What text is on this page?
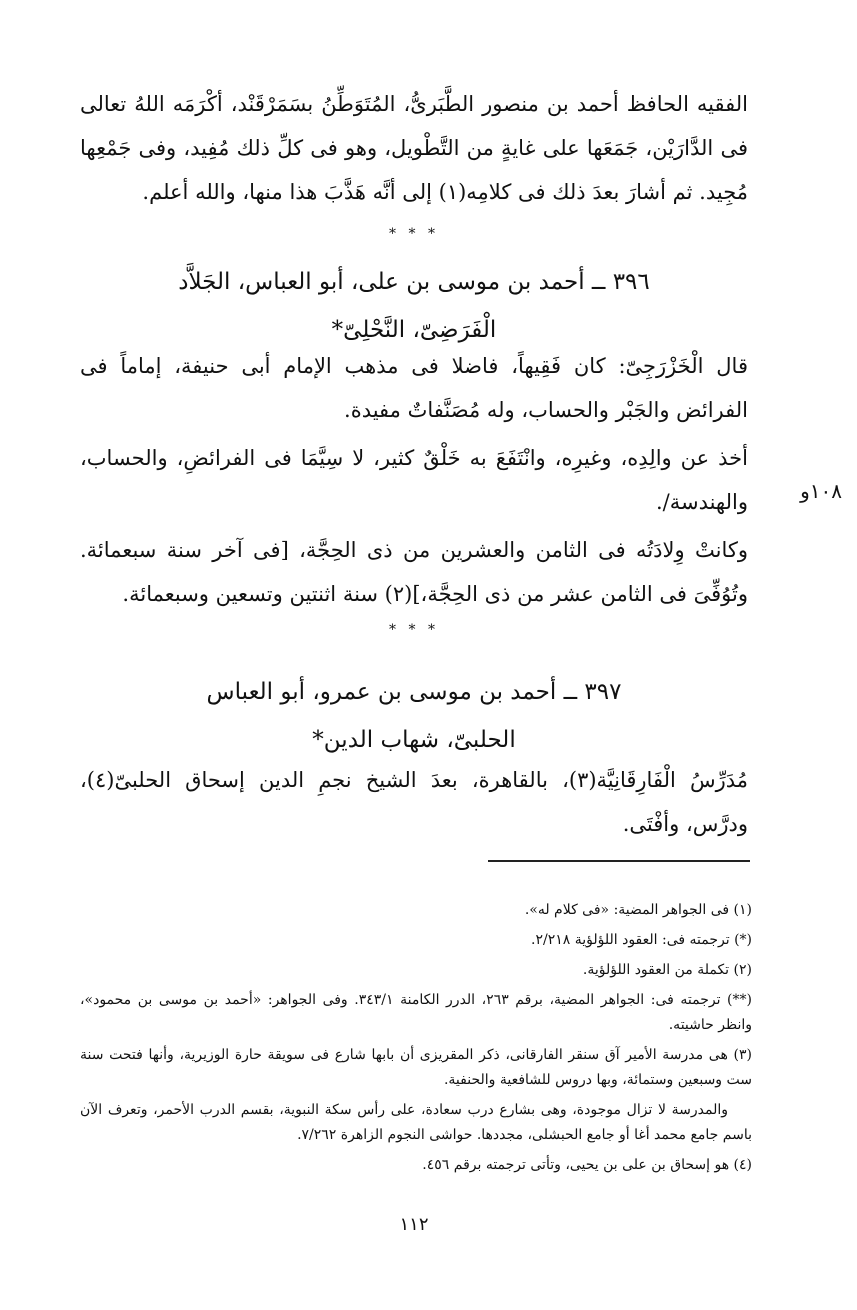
الفقيه الحافظ أحمد بن منصور الطَّبَرىُّ، المُتَوَطِّنُ بسَمَرْقَنْد، أكْرَمَه اللهُ تعالى فى الدَّارَيْن، جَمَعَها على غايةٍ من التَّطْويل، وهو فى كلِّ ذلك مُفِيد، وفى جَمْعِها مُجِيد. ثم أشارَ بعدَ ذلك فى كلامِه(١) إلى أنَّه هَذَّبَ هذا منها، والله أعلم.

* * *

٣٩٦ ــ أحمد بن موسى بن على، أبو العباس، الجَلاَّد
الْفَرَضِىّ، النَّحْلِىّ*

قال الْخَزْرَجِىّ: كان فَقِيهاً، فاضلا فى مذهب الإمام أبى حنيفة، إماماً فى الفرائض والجَبْر والحساب، وله مُصَنَّفاتٌ مفيدة.

أخذ عن والِدِه، وغيرِه، وانْتَفَعَ به خَلْقٌ كثير، لا سِيَّمَا فى الفرائضِ، والحساب، والهندسة/.	١٠٨و

وكانتْ وِلادَتُه فى الثامن والعشرين من ذى الحِجَّة، [فى آخر سنة سبعمائة. وتُوُفِّىَ فى الثامن عشر من ذى الحِجَّة،](٢) سنة اثنتين وتسعين وسبعمائة.

* * *

٣٩٧ ــ أحمد بن موسى بن عمرو، أبو العباس
الحلبىّ، شهاب الدين*

مُدَرِّسُ الْفَارِقَانِيَّة(٣)، بالقاهرة، بعدَ الشيخ نجمِ الدين إسحاق الحلبىّ(٤)، ودرَّس، وأفْتَى.

(١) فى الجواهر المضية: «فى كلام له».
(*) ترجمته فى: العقود اللؤلؤية ٢/٢١٨.
(٢) تكملة من العقود اللؤلؤية.
(**) ترجمته فى: الجواهر المضية، برقم ٢٦٣، الدرر الكامنة ٣٤٣/١. وفى الجواهر: «أحمد بن موسى بن محمود»، وانظر حاشيته.
(٣) هى مدرسة الأمير آق سنقر الفارقانى، ذكر المقريزى أن بابها شارع فى سويقة حارة الوزيرية، وأنها فتحت سنة ست وسبعين وستمائة، وبها دروس للشافعية والحنفية.
والمدرسة لا تزال موجودة، وهى بشارع درب سعادة، على رأس سكة النبوية، بقسم الدرب الأحمر، وتعرف الآن باسم جامع محمد أغا أو جامع الحبشلى، مجددها. حواشى النجوم الزاهرة ٧/٢٦٢.
(٤) هو إسحاق بن على بن يحيى، وتأتى ترجمته برقم ٤٥٦.

١١٢
